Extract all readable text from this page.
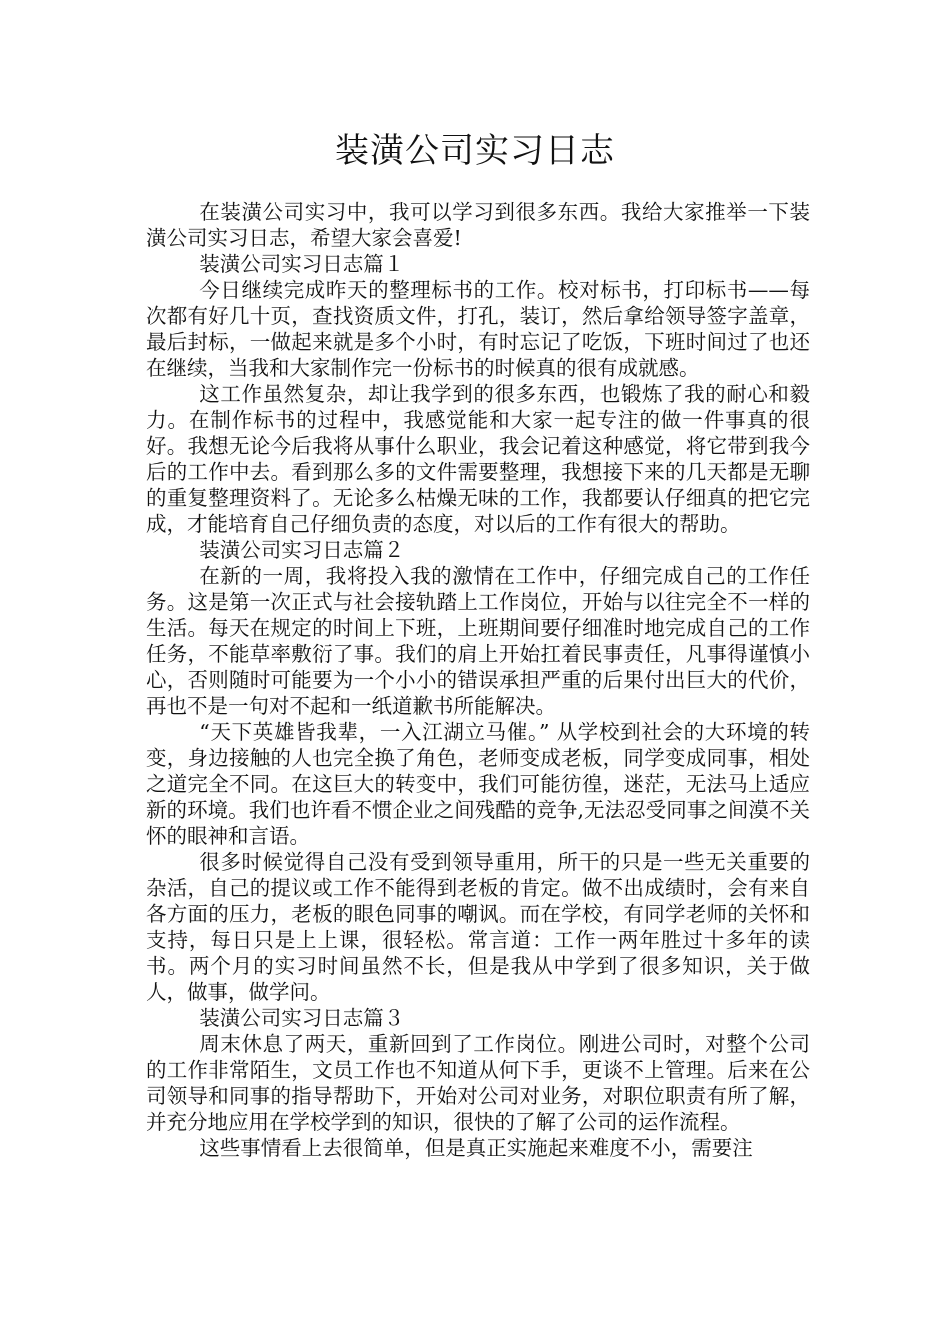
装潢公司实习日志

在装潢公司实习中，我可以学习到很多东西。我给大家推举一下装潢公司实习日志，希望大家会喜爱!

装潢公司实习日志篇１

今日继续完成昨天的整理标书的工作。校对标书，打印标书——每次都有好几十页，查找资质文件，打孔，装订，然后拿给领导签字盖章，最后封标，一做起来就是多个小时，有时忘记了吃饭，下班时间过了也还在继续，当我和大家制作完一份标书的时候真的很有成就感。

这工作虽然复杂，却让我学到的很多东西，也锻炼了我的耐心和毅力。在制作标书的过程中，我感觉能和大家一起专注的做一件事真的很好。我想无论今后我将从事什么职业，我会记着这种感觉，将它带到我今后的工作中去。看到那么多的文件需要整理，我想接下来的几天都是无聊的重复整理资料了。无论多么枯燥无味的工作，我都要认仔细真的把它完成，才能培育自己仔细负责的态度，对以后的工作有很大的帮助。

装潢公司实习日志篇２

在新的一周，我将投入我的激情在工作中，仔细完成自己的工作任务。这是第一次正式与社会接轨踏上工作岗位，开始与以往完全不一样的生活。每天在规定的时间上下班，上班期间要仔细准时地完成自己的工作任务，不能草率敷衍了事。我们的肩上开始扛着民事责任，凡事得谨慎小心，否则随时可能要为一个小小的错误承担严重的后果付出巨大的代价，再也不是一句对不起和一纸道歉书所能解决。

“天下英雄皆我辈，一入江湖立马催。” 从学校到社会的大环境的转变，身边接触的人也完全换了角色，老师变成老板，同学变成同事，相处之道完全不同。在这巨大的转变中，我们可能彷徨，迷茫，无法马上适应新的环境。我们也许看不惯企业之间残酷的竞争,无法忍受同事之间漠不关怀的眼神和言语。

很多时候觉得自己没有受到领导重用，所干的只是一些无关重要的杂活，自己的提议或工作不能得到老板的肯定。做不出成绩时，会有来自各方面的压力，老板的眼色同事的嘲讽。而在学校，有同学老师的关怀和支持，每日只是上上课，很轻松。常言道：工作一两年胜过十多年的读书。两个月的实习时间虽然不长，但是我从中学到了很多知识，关于做人，做事，做学问。

装潢公司实习日志篇３

周末休息了两天，重新回到了工作岗位。刚进公司时，对整个公司的工作非常陌生，文员工作也不知道从何下手，更谈不上管理。后来在公司领导和同事的指导帮助下，开始对公司对业务，对职位职责有所了解，并充分地应用在学校学到的知识，很快的了解了公司的运作流程。

这些事情看上去很简单，但是真正实施起来难度不小，需要注
